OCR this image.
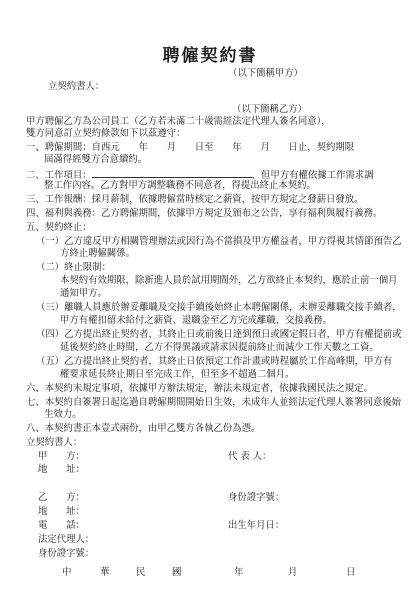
聘僱契約書
（以下簡稱甲方）
立契約書人：
（以下簡稱乙方）
甲方聘僱乙方為公司員工（乙方若未滿二十歲需經法定代理人簽名同意），
雙方同意訂立契約條款如下以茲遵守：
一、聘僱期間：自西元　　年　　月　　日至　　年　　月　　日止，契約期限
屆滿得經雙方合意續約。
二、工作項目：	，但甲方有權依據工作需求調
整工作內容。乙方對甲方調整職務不同意者，得提出終止本契約。
三、工作報酬：採月薪制，依據聘僱當時核定之薪資，按甲方規定之發薪日發放。
四、福利與義務：乙方聘僱期間，依據甲方規定及頒布之公告，享有福利與履行義務。
五、契約終止：
（一）乙方違反甲方相關管理辦法或因行為不當損及甲方權益者，甲方得視其情節預告乙
方終止聘僱關係。
（二）終止限制：
本契約有效期限，除新進人員於試用期間外，乙方欲終止本契約，應於止前一個月
通知甲方。
（三）離職人員應於辦妥離職及交接手續後始終止本聘僱關係，未辦妥離職交接手續者，
甲方有權扣留未給付之薪資、退職金至乙方完成離職、交接義務。
（四）乙方提出終止契約者，其終止日或前後日達到預日或國定假日者，甲方有權提前或
延後契約終止時間，乙方不得異議或請求因提前終止而減少工作天數之工資。
（五）乙方提出終止契約者，其終止日依預定工作計畫或時程屬於工作高峰期，甲方有
權要求延長終止期日至完成工作，但至多不超過二個月。
六、本契約未規定事項，依據甲方辦法規定，辦法未規定者，依據我國民法之規定。
七、本契約自簽署日起迄過自聘僱期間開始日生效，未成年人並經法定代理人簽署同意後始
生效力。
八、本契約書正本壹式兩份，由甲乙雙方各執乙份為憑。
立契約書人：
甲　　方：	代 表 人：
地　　址：
乙　　方：	身份證字號：
地　　址：
電　　話：	出生年月日：
法定代理人：
身份證字號：
中	華	民	國	年	月	日
